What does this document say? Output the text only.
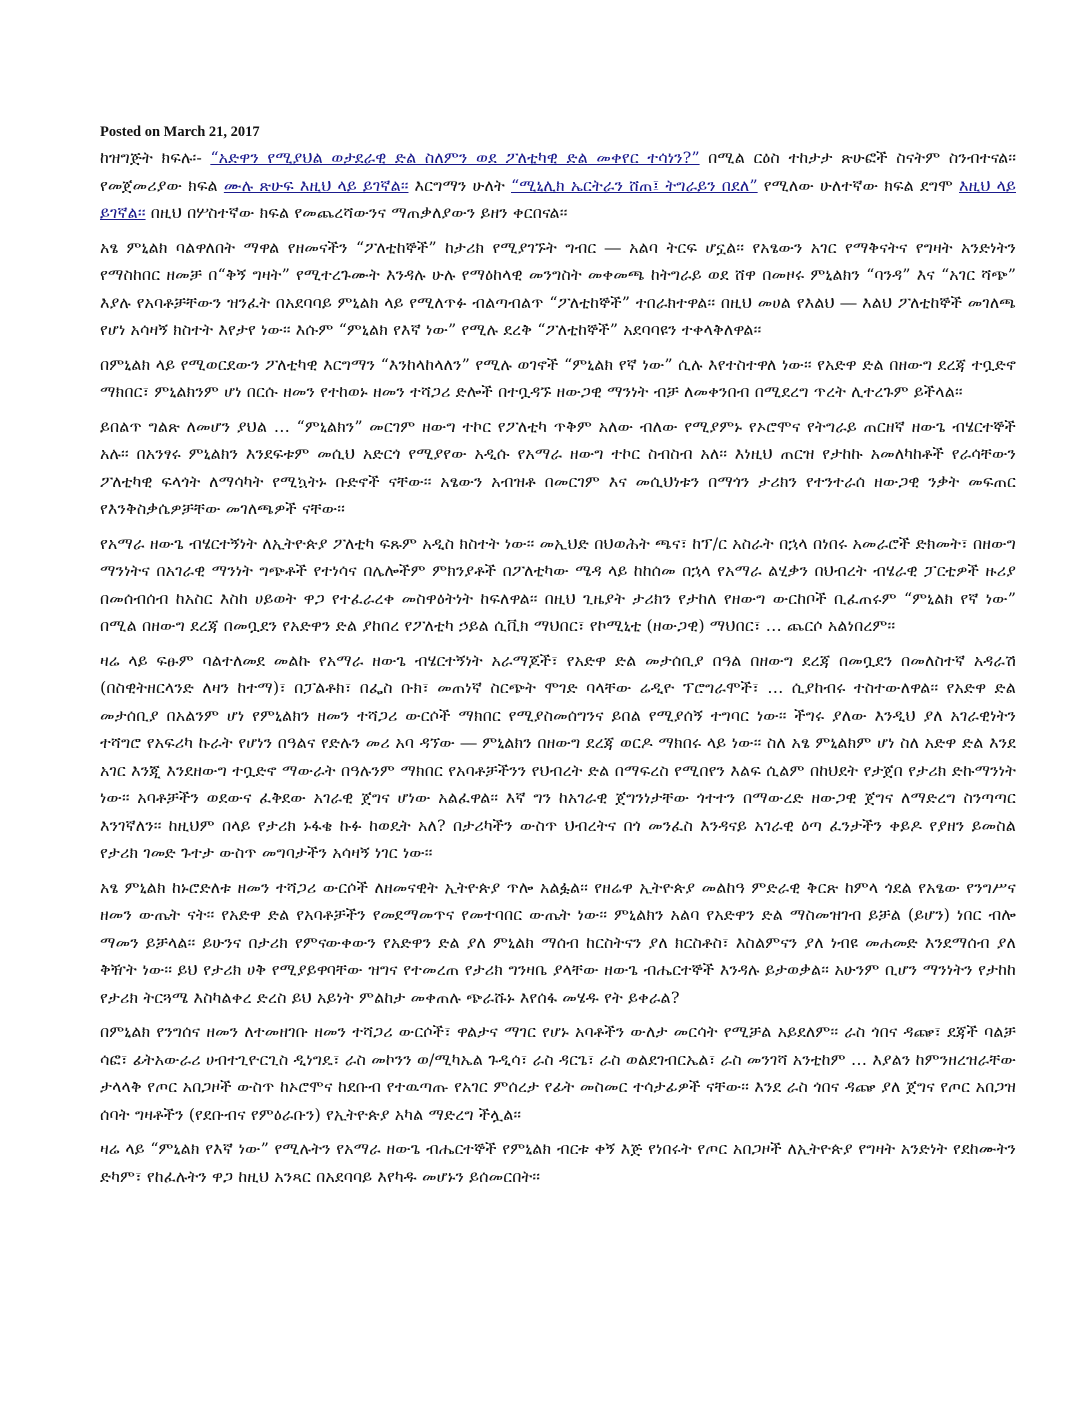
Posted on March 21, 2017

ከዝግጅት ክፍሉ፡- “አድዋን የሚያህል ወታደራዊ ድል ስለምን ወደ ፖለቲካዊ ድል መቀየር ተሳነን?” በሚል ርዕስ ተከታታ ጽሁፎች ስናትም ስንብተናል፡፡ የመጀመሪያው ክፍል ሙሉ ጽሁፍ እዚህ ላይ ይገኛል፡፡ እርግማን ሁለት “ሚኒሊክ ኤርትራን ሸጠ፤ ትግራይን በደለ” የሚለው ሁለተኛው ክፍል ደግሞ እዚህ ላይ ይገኛል፡፡ በዚህ በሦስተኛው ክፍል የመጨረሻውንና ማጠቃለያውን ይዘን ቀርበናል፡፡

አፄ ምኒልክ ባልዋለበት ማዋል የዘመናችን “ፖለቲከኞች” ከታሪክ የሚያገኙት ግብር ― አልባ ትርፍ ሆኗል፡፡ የአፄውን አገር የማቅናትና የግዛት አንድነትን የማስከበር ዘመቻ በ“ቅኝ ግዛት” የሚተረጉሙት እንዳሉ ሁሉ የማዕከላዊ መንግስት መቀመጫ ከትግራይ ወደ ሸዋ በመዞሩ ምኒልክን “ባንዳ” እና “አገር ሻጭ” እያሉ የአባቶቻቸውን ዝንፈት በአደባባይ ምኒልክ ላይ የሚለጥፉ ብልጣብልጥ “ፖለቲከኞች” ተበራክተዋል፡፡ በዚህ መሀል የእልህ ― እልህ ፖለቲከኞች መገለጫ የሆነ አሳዛኝ ክስተት እየታየ ነው፡፡ እሱም “ምኒልክ የእኛ ነው” የሚሉ ደረቅ “ፖለቲከኞች” አደባባዩን ተቀላቅለዋል፡፡

በምኒልክ ላይ የሚወርደውን ፖለቲካዊ እርግማን “እንከላከላለን” የሚሉ ወገኖች “ምኒልክ የኛ ነው” ሲሉ እየተስተዋለ ነው፡፡ የአድዋ ድል በዘውግ ደረጃ ተቧድኖ ማክበር፣ ምኒልክንም ሆነ በርሱ ዘመን የተከወኑ ዘመን ተሻጋሪ ድሎች በተቧዳኙ ዘውጋዊ ማንነት ብቻ ለመቀንበብ በሚደረግ ጥረት ሊተረጉም ይችላል፡፡

ይበልጥ ግልጽ ለመሆን ያህል … “ምኒልክን” መርገም ዘውግ ተኮር የፖለቲካ ጥቅም አለው ብለው የሚያምኑ የኦሮሞና የትግራይ ጠርዘኛ ዘውጌ ብሄርተኞች አሉ፡፡ በአንፃሩ ምኒልክን እንደፍቱም መሲህ አድርጎ የሚያየው አዲሱ የአማራ ዘውግ ተኮር ስብስብ አለ፡፡ እነዚህ ጠርዝ የታከኩ አመለካከቶች የራሳቸውን ፖለቲካዊ ፍላጎት ለማሳካት የሚኳትኑ ቡድኖች ናቸው፡፡ አፄውን አብዝቶ በመርገም እና መሲህነቱን በማጎን ታሪክን የተንተራሰ ዘውጋዊ ንቃት መፍጠር የእንቅስቃሴዎቻቸው መገለጫዎች ናቸው፡፡

የአማራ ዘውጌ ብሄርተኝነት ለኢትዮጵያ ፖለቲካ ፍጹም አዲስ ክስተት ነው፡፡ መኢህድ በህወሕት ጫና፣ ከፕ/ር አስራት በኋላ በነበሩ አመራሮች ድክመት፣ በዘውግ ማንነትና በአገራዊ ማንነት ግጭቶች የተነሳና በሌሎችም ምክንያቶች በፖለቲካው ሜዳ ላይ ከከሰመ በኋላ የአማራ ልሂቃን በህብረት ብሄራዊ ፓርቲዎች ዙሪያ በመሰብሰብ ከአስር እስከ ሀይወት ዋጋ የተፈራረቀ መስዋዕትነት ከፍለዋል፡፡ በዚህ ጊዜያት ታሪክን የታከለ የዘውግ ውርከቦች ቢፈጠሩም “ምኒልክ የኛ ነው” በሚል በዘውግ ደረጃ በመቧደን የአድዋን ድል ያከበረ የፖለቲካ ኃይል ሲቪክ ማህበር፣ የኮሚኒቲ (ዘውጋዊ) ማህበር፣ … ጨርሶ አልነበረም፡፡

ዛሬ ላይ ፍፁም ባልተለመደ መልኩ የአማራ ዘውጌ ብሄርተኝነት አራማጆች፣ የአድዋ ድል መታሰቢያ በዓል በዘውግ ደረጃ በመቧደን በመለስተኛ አዳራሽ (በስዊትዘርላንድ ለዛን ከተማ)፣ በፓልቶክ፣ በፌስ ቡክ፣ መጠነኛ ስርጭት ሞገድ ባላቸው ሬዲዮ ፕሮግራሞች፣ … ሲያከብሩ ተስተውለዋል፡፡ የአድዋ ድል መታሰቢያ በአልንም ሆነ የምኒልክን ዘመን ተሻጋሪ ውርሶች ማክበር የሚያስመሰግንና ይበል የሚያሰኝ ተግባር ነው፡፡ ችግሩ ያለው እንዲህ ያለ አገራዊነትን ተሻግሮ የአፍሪካ ኩራት የሆነን በዓልና የድሉን መሪ አባ ዳኘው ― ምኒልክን በዘውግ ደረጃ ወርዶ ማክበሩ ላይ ነው፡፡ ስለ አፄ ምኒልክም ሆነ ስለ አድዋ ድል እንደ አገር እንጂ እንደዘውግ ተቧድኖ ማውራት በዓሉንም ማክበር የአባቶቻችንን የህብረት ድል በማፍረስ የሚበየን እልፍ ሲልም በከህደት የታጀበ የታሪክ ድኩማንነት ነው፡፡ አባቶቻችን ወደውና ፈቅደው አገራዊ ጀግና ሆነው አልፈዋል፡፡ እኛ ግን ከአገራዊ ጀግንነታቸው ጎተተን በማውረድ ዘውጋዊ ጀግና ለማድረግ ስንጣጣር እንገኛለን፡፡ ከዚህም በላይ የታሪክ ኑፋቄ ኩፉ ከወዴት አለ? በታሪካችን ውስጥ ህብረትና በጎ መንፈስ እንዳናይ አገራዊ ዕጣ ፈንታችን ቀይዶ የያዘን ይመስል የታሪክ ገመድ ጉተታ ውስጥ መግባታችን አሳዛኝ ነገር ነው፡፡

አፄ ምኒልክ ከኑሮድለቱ ዘመን ተሻጋሪ ውርሶች ለዘመናዊት ኢትዮጵያ ጥሎ አልፏል፡፡ የዘሬዋ ኢትዮጵያ መልከዓ ምድራዊ ቅርጽ ከምላ ጎደል የአፄው የንግሥና ዘመን ውጤት ናት፡፡ የአድዋ ድል የአባቶቻችን የመደማመጥና የመተባበር ውጤት ነው፡፡ ምኒልክን አልባ የአድዋን ድል ማስመዝገብ ይቻል (ይሆን) ነበር ብሎ ማመን ይቻላል፡፡ ይሁንና በታሪክ የምናውቀውን የአድዋን ድል ያለ ምኒልክ ማሰብ ከርስትናን ያለ ክርስቶስ፣ እስልምናን ያለ ነብዩ መሐመድ እንደማሰብ ያለ ቅዥት ነው፡፡ ይህ የታሪክ ሀቅ የሚያይዋባቸው ዝግና የተመረጠ የታሪክ ግንዛቤ ያላቸው ዘውጌ ብሔርተኞች እንዳሉ ይታወቃል፡፡ አሁንም ቢሆን ማንነትን የታከከ የታሪክ ትርጓሜ እስካልቀረ ድረስ ይህ አይነት ምልከታ መቀጠሉ ጭራሹኑ እየሰፋ መሄዱ የት ይቀራል?

በምኒልክ የንግሰና ዘመን ለተመዘገቡ ዘመን ተሻጋሪ ውርሶች፣ ዋልታና ማገር የሆኑ አባቶችን ውለታ መርሳት የሚቻል አይደለም፡፡ ራስ ጎበና ዳጬ፣ ደጃች ባልቻ ሳፎ፣ ፊትአውራሪ ሀብተጊዮርጊስ ዲነግዴ፣ ራስ መኮንን ወ/ሚካኤል ጉዲሳ፣ ራስ ዳርጌ፣ ራስ ወልደገብርኤል፣ ራስ መንገሻ አንቲከም … እያልን ከምንዘረዝራቸው ታላላቅ የጦር አበጋዞች ውስጥ ከኦሮሞና ከደቡብ የተዉጣጡ የአገር ምሰረታ የፊት መስመር ተሳታፊዎች ናቸው፡፡ እንደ ራስ ጎበና ዳጬ ያለ ጀግና የጦር አበጋዝ ሰባት ግዛቶችን (የደቡብና የምዕራቡን) የኢትዮጵያ አካል ማድረግ ችሏል፡፡

ዛሬ ላይ “ምኒልክ የእኛ ነው” የሚሉትን የአማራ ዘውጌ ብሔርተኞች የምኒልክ ብርቱ ቀኝ እጅ የነበሩት የጦር አበጋዞች ለኢትዮጵያ የግዛት አንድነት የደከሙትን ድካም፣ የከፈሉትን ዋጋ ከዚህ አንጻር በአደባባይ እየካዱ መሆኑን ይሰመርበት፡፡
